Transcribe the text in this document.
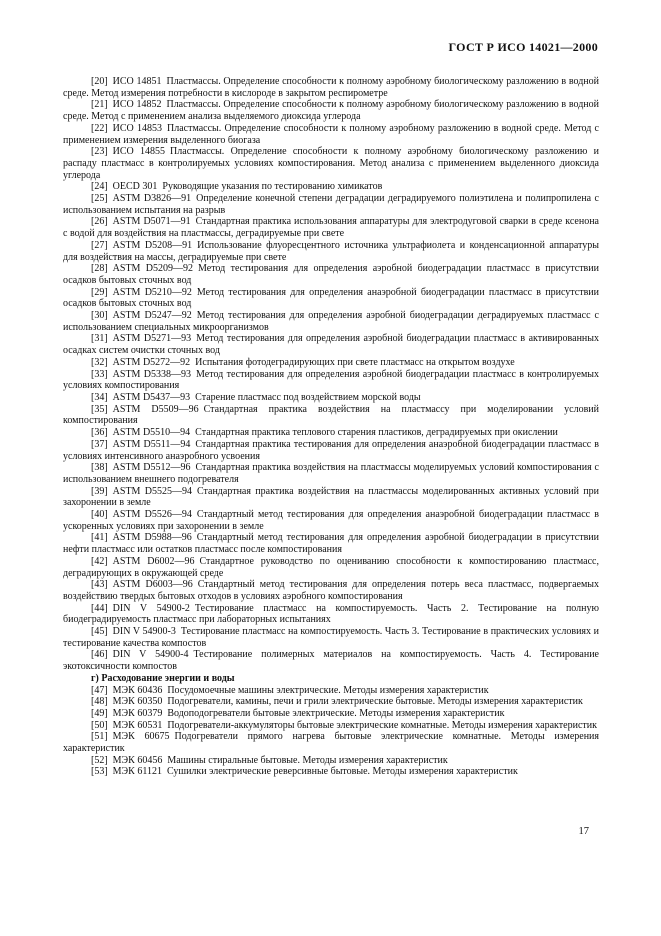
ГОСТ Р ИСО 14021—2000

[20] ИСО 14851 Пластмассы. Определение способности к полному аэробному биологическому разложению в водной среде. Метод измерения потребности в кислороде в закрытом респирометре

[21] ИСО 14852 Пластмассы. Определение способности к полному аэробному биологическому разложению в водной среде. Метод с применением анализа выделяемого диоксида углерода

[22] ИСО 14853 Пластмассы. Определение способности к полному аэробному разложению в водной среде. Метод с применением измерения выделенного биогаза

[23] ИСО 14855 Пластмассы. Определение способности к полному аэробному биологическому разложению и распаду пластмасс в контролируемых условиях компостирования. Метод анализа с применением выделенного диоксида углерода

[24] OECD 301 Руководящие указания по тестированию химикатов

[25] ASTM D3826—91 Определение конечной степени деградации деградируемого полиэтилена и полипропилена с использованием испытания на разрыв

[26] ASTM D5071—91 Стандартная практика использования аппаратуры для электродуговой сварки в среде ксенона с водой для воздействия на пластмассы, деградируемые при свете

[27] ASTM D5208—91 Использование флуоресцентного источника ультрафиолета и конденсационной аппаратуры для воздействия на массы, деградируемые при свете

[28] ASTM D5209—92 Метод тестирования для определения аэробной биодеградации пластмасс в присутствии осадков бытовых сточных вод

[29] ASTM D5210—92 Метод тестирования для определения анаэробной биодеградации пластмасс в присутствии осадков бытовых сточных вод

[30] ASTM D5247—92 Метод тестирования для определения аэробной биодеградации деградируемых пластмасс с использованием специальных микроорганизмов

[31] ASTM D5271—93 Метод тестирования для определения аэробной биодеградации пластмасс в активированных осадках систем очистки сточных вод

[32] ASTM D5272—92 Испытания фотодеградирующих при свете пластмасс на открытом воздухе

[33] ASTM D5338—93 Метод тестирования для определения аэробной биодеградации пластмасс в контролируемых условиях компостирования

[34] ASTM D5437—93 Старение пластмасс под воздействием морской воды

[35] ASTM D5509—96 Стандартная практика воздействия на пластмассу при моделировании условий компостирования

[36] ASTM D5510—94 Стандартная практика теплового старения пластиков, деградируемых при окислении

[37] ASTM D5511—94 Стандартная практика тестирования для определения анаэробной биодеградации пластмасс в условиях интенсивного анаэробного усвоения

[38] ASTM D5512—96 Стандартная практика воздействия на пластмассы моделируемых условий компостирования с использованием внешнего подогревателя

[39] ASTM D5525—94 Стандартная практика воздействия на пластмассы моделированных активных условий при захоронении в земле

[40] ASTM D5526—94 Стандартный метод тестирования для определения анаэробной биодеградации пластмасс в ускоренных условиях при захоронении в земле

[41] ASTM D5988—96 Стандартный метод тестирования для определения аэробной биодеградации в присутствии нефти пластмасс или остатков пластмасс после компостирования

[42] ASTM D6002—96 Стандартное руководство по оцениванию способности к компостированию пластмасс, деградирующих в окружающей среде

[43] ASTM D6003—96 Стандартный метод тестирования для определения потерь веса пластмасс, подвергаемых воздействию твердых бытовых отходов в условиях аэробного компостирования

[44] DIN V 54900-2 Тестирование пластмасс на компостируемость. Часть 2. Тестирование на полную биодеградируемость пластмасс при лабораторных испытаниях

[45] DIN V 54900-3 Тестирование пластмасс на компостируемость. Часть 3. Тестирование в практических условиях и тестирование качества компостов

[46] DIN V 54900-4 Тестирование полимерных материалов на компостируемость. Часть 4. Тестирование экотоксичности компостов

г) Расходование энергии и воды

[47] МЭК 60436 Посудомоечные машины электрические. Методы измерения характеристик

[48] МЭК 60350 Подогреватели, камины, печи и грили электрические бытовые. Методы измерения характеристик

[49] МЭК 60379 Водоподогреватели бытовые электрические. Методы измерения характеристик

[50] МЭК 60531 Подогреватели-аккумуляторы бытовые электрические комнатные. Методы измерения характеристик

[51] МЭК 60675 Подогреватели прямого нагрева бытовые электрические комнатные. Методы измерения характеристик

[52] МЭК 60456 Машины стиральные бытовые. Методы измерения характеристик

[53] МЭК 61121 Сушилки электрические реверсивные бытовые. Методы измерения характеристик

17
